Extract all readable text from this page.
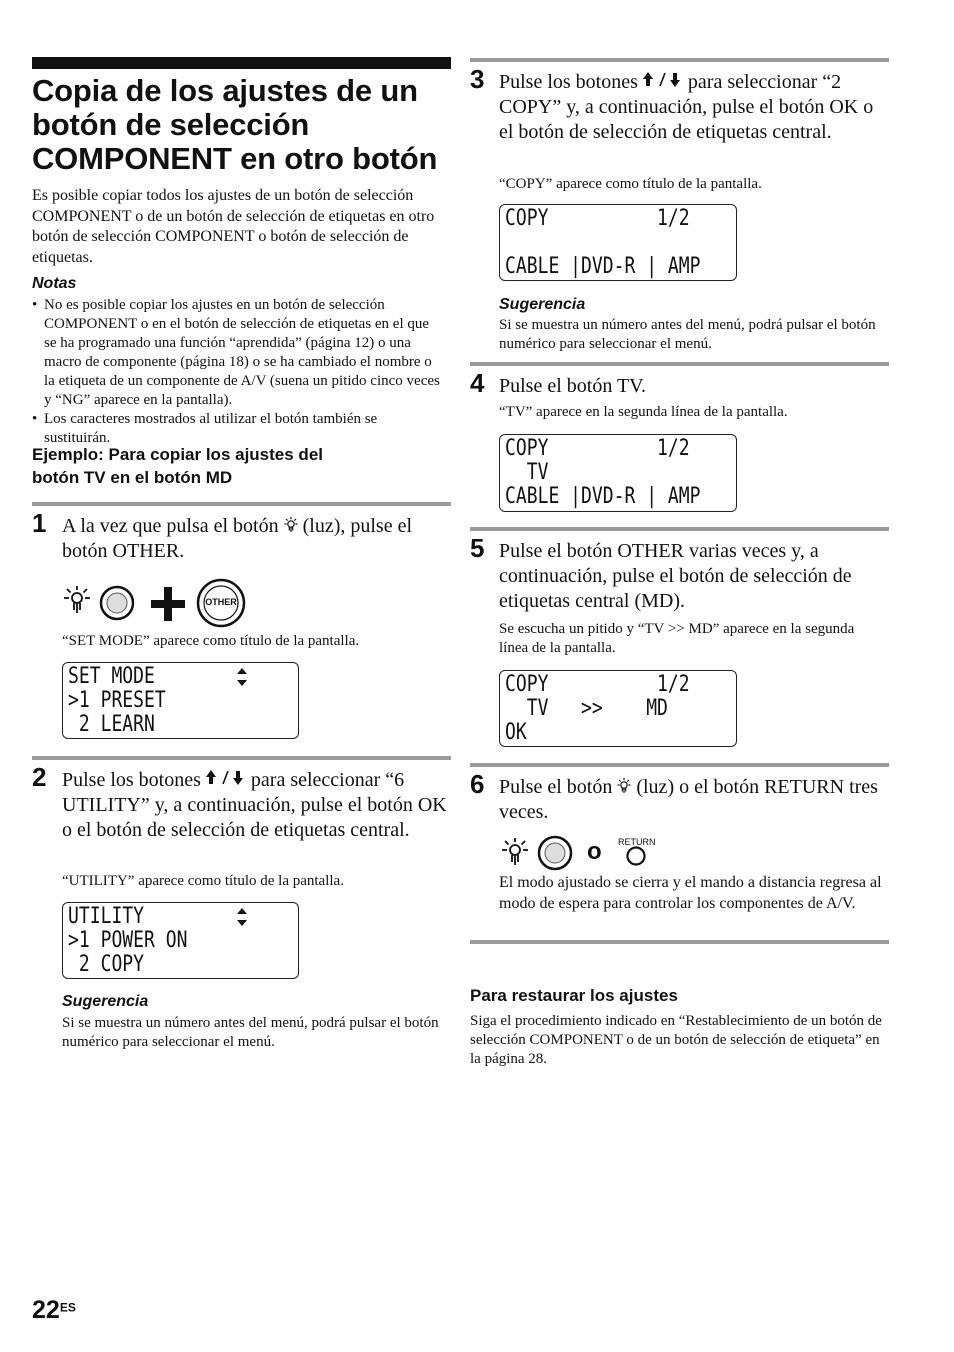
Copia de los ajustes de un
botón de selección
COMPONENT en otro botón
Es posible copiar todos los ajustes de un botón de selección COMPONENT o de un botón de selección de etiquetas en otro botón de selección COMPONENT o botón de selección de etiquetas.
Notas
• No es posible copiar los ajustes en un botón de selección COMPONENT o en el botón de selección de etiquetas en el que se ha programado una función “aprendida” (página 12) o una macro de componente (página 18) o se ha cambiado el nombre o la etiqueta de un componente de A/V (suena un pitido cinco veces y “NG” aparece en la pantalla).
• Los caracteres mostrados al utilizar el botón también se sustituirán.
Ejemplo: Para copiar los ajustes del
botón TV en el botón MD
1 A la vez que pulsa el botón  (luz), pulse el botón OTHER.
OTHER
“SET MODE” aparece como título de la pantalla.
SET MODE
>1 PRESET
2 LEARN
2 Pulse los botones  para seleccionar “6 UTILITY” y, a continuación, pulse el botón OK o el botón de selección de etiquetas central.
“UTILITY” aparece como título de la pantalla.
UTILITY
>1 POWER ON
2 COPY
Sugerencia
Si se muestra un número antes del menú, podrá pulsar el botón numérico para seleccionar el menú.
3 Pulse los botones  para seleccionar “2 COPY” y, a continuación, pulse el botón OK o el botón de selección de etiquetas central.
“COPY” aparece como título de la pantalla.
COPY          1/2
CABLE |DVD-R | AMP
Sugerencia
Si se muestra un número antes del menú, podrá pulsar el botón numérico para seleccionar el menú.
4 Pulse el botón TV.
“TV” aparece en la segunda línea de la pantalla.
COPY          1/2
TV
CABLE |DVD-R | AMP
5 Pulse el botón OTHER varias veces y, a continuación, pulse el botón de selección de etiquetas central (MD).
Se escucha un pitido y “TV >> MD” aparece en la segunda línea de la pantalla.
COPY          1/2
TV   >>    MD
OK
6 Pulse el botón  (luz) o el botón RETURN tres veces.
o RETURN
El modo ajustado se cierra y el mando a distancia regresa al modo de espera para controlar los componentes de A/V.
Para restaurar los ajustes
Siga el procedimiento indicado en “Restablecimiento de un botón de selección COMPONENT o de un botón de selección de etiqueta” en la página 28.
$22^{ES}$
